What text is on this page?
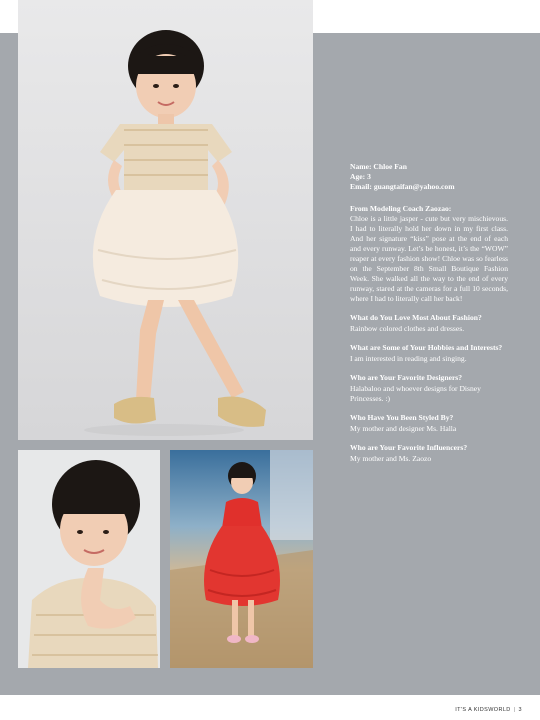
Name: Chloe Fan

Age: 3

Email: guangtaifan@yahoo.com

From Modeling Coach Zaozao:

Chloe is a little jasper - cute but very mischievous. I had to literally hold her down in my first class. And her signature “kiss” pose at the end of each and every runway. Let’s be honest, it’s the “WOW” reaper at every fashion show! Chloe was so fearless on the September 8th Small Boutique Fashion Week. She walked all the way to the end of every runway, stared at the cameras for a full 10 seconds, where I had to literally call her back!

What do You Love Most About Fashion?

Rainbow colored clothes and dresses.

What are Some of Your Hobbies and Interests?

I am interested in reading and singing.

Who are Your Favorite Designers?

Halabaloo and whoever designs for Disney Princesses. :)

Who Have You Been Styled By?

My mother and designer Ms. Halla

Who are Your Favorite Influencers?

My mother and Ms. Zaozo

IT'S A KIDSWORLD | 3
